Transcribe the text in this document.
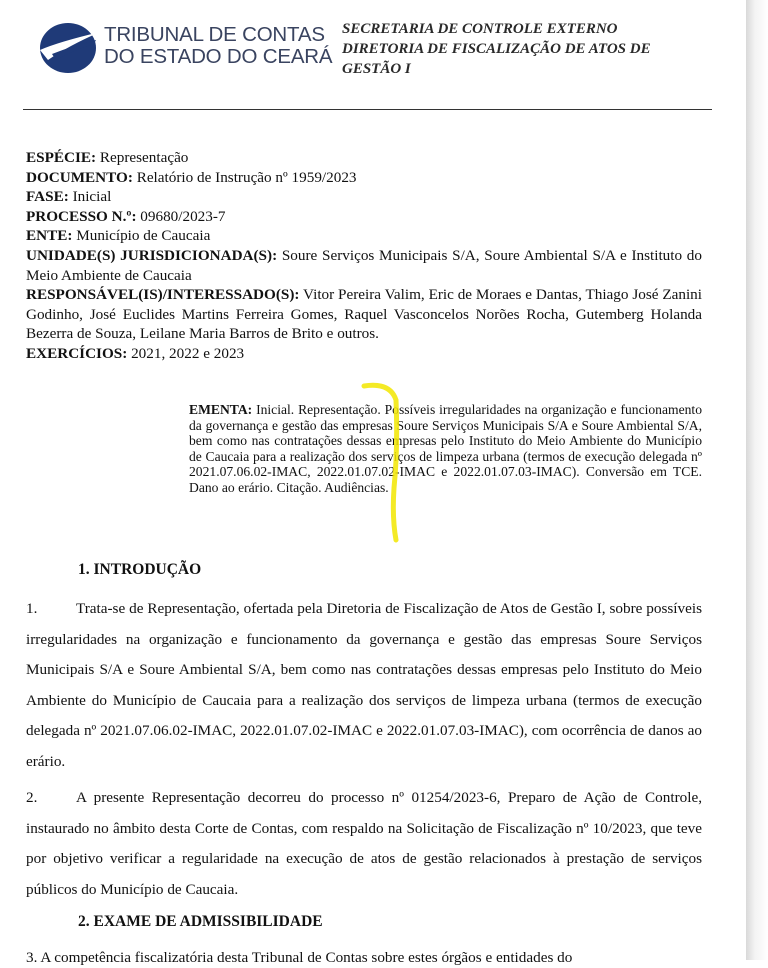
TRIBUNAL DE CONTAS
DO ESTADO DO CEARÁ
SECRETARIA DE CONTROLE EXTERNO
DIRETORIA DE FISCALIZAÇÃO DE ATOS DE
GESTÃO I

ESPÉCIE: Representação

DOCUMENTO: Relatório de Instrução nº 1959/2023

FASE: Inicial

PROCESSO N.º: 09680/2023-7

ENTE: Município de Caucaia

UNIDADE(S) JURISDICIONADA(S): Soure Serviços Municipais S/A, Soure Ambiental S/A e Instituto do Meio Ambiente de Caucaia

RESPONSÁVEL(IS)/INTERESSADO(S): Vitor Pereira Valim, Eric de Moraes e Dantas, Thiago José Zanini Godinho, José Euclides Martins Ferreira Gomes, Raquel Vasconcelos Norões Rocha, Gutemberg Holanda Bezerra de Souza, Leilane Maria Barros de Brito e outros.

EXERCÍCIOS: 2021, 2022 e 2023

EMENTA: Inicial. Representação. Possíveis irregularidades na organização e funcionamento da governança e gestão das empresas Soure Serviços Municipais S/A e Soure Ambiental S/A, bem como nas contratações dessas empresas pelo Instituto do Meio Ambiente do Município de Caucaia para a realização dos serviços de limpeza urbana (termos de execução delegada nº 2021.07.06.02-IMAC, 2022.01.07.02-IMAC e 2022.01.07.03-IMAC). Conversão em TCE. Dano ao erário. Citação. Audiências.

1. INTRODUÇÃO

1.	Trata-se de Representação, ofertada pela Diretoria de Fiscalização de Atos de Gestão I, sobre possíveis irregularidades na organização e funcionamento da governança e gestão das empresas Soure Serviços Municipais S/A e Soure Ambiental S/A, bem como nas contratações dessas empresas pelo Instituto do Meio Ambiente do Município de Caucaia para a realização dos serviços de limpeza urbana (termos de execução delegada nº 2021.07.06.02-IMAC, 2022.01.07.02-IMAC e 2022.01.07.03-IMAC), com ocorrência de danos ao erário.

2.	A presente Representação decorreu do processo nº 01254/2023-6, Preparo de Ação de Controle, instaurado no âmbito desta Corte de Contas, com respaldo na Solicitação de Fiscalização nº 10/2023, que teve por objetivo verificar a regularidade na execução de atos de gestão relacionados à prestação de serviços públicos do Município de Caucaia.

2. EXAME DE ADMISSIBILIDADE
3. A competência fiscalizatória desta Tribunal de Contas sobre estes órgãos e entidades do
